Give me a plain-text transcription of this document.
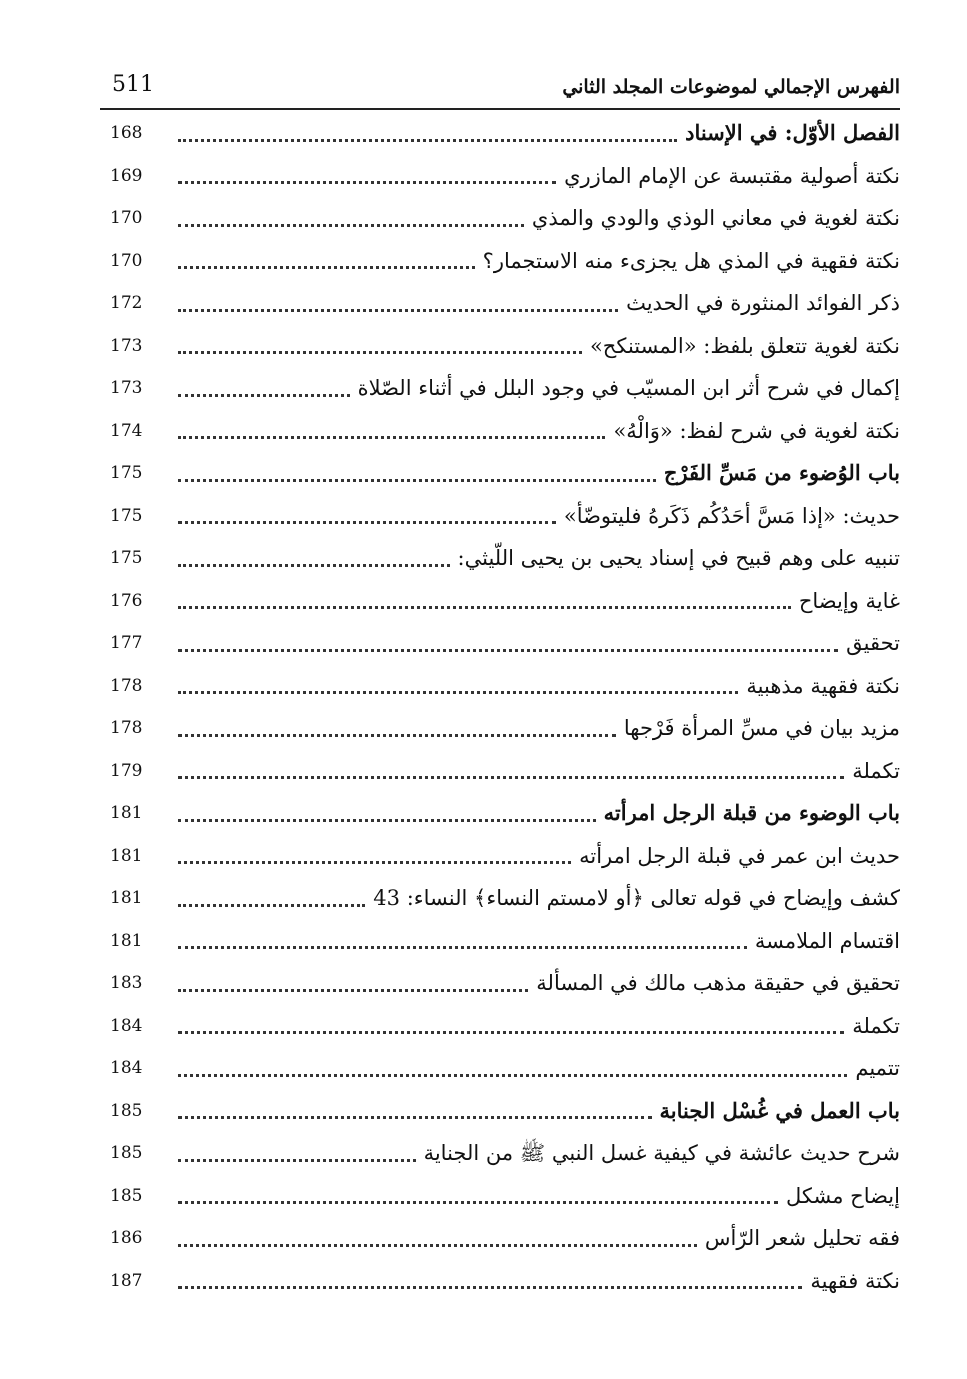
الفهرس الإجمالي لموضوعات المجلد الثاني
511
الفصل الأوّل: في الإسناد
168
نكتة أصولية مقتبسة عن الإمام المازري
169
نكتة لغوية في معاني الوذي والودي والمذي
170
نكتة فقهية في المذي هل يجزىء منه الاستجمار؟
170
ذكر الفوائد المنثورة في الحديث
172
نكتة لغوية تتعلق بلفظ: «المستنكح»
173
إكمال في شرح أثر ابن المسيّب في وجود البلل في أثناء الصّلاة
173
نكتة لغوية في شرح لفظ: «وَالْهُ»
174
باب الوُضوء من مَسِّ الفَرْج
175
حديث: «إذا مَسَّ أحَدُكُم ذَكَرهُ فليتوضّأ»
175
تنبيه على وهم قبيح في إسناد يحيى بن يحيى اللّيثي:
175
غاية وإيضاح
176
تحقيق
177
نكتة فقهية مذهبية
178
مزيد بيان في مسِّ المرأة فَرْجها
178
تكملة
179
باب الوضوء من قبلة الرجل امرأته
181
حديث ابن عمر في قبلة الرجل امرأته
181
كشف وإيضاح في قوله تعالى ﴿أو لامستم النساء﴾ النساء: 43
181
اقتسام الملامسة
181
تحقيق في حقيقة مذهب مالك في المسألة
183
تكملة
184
تتميم
184
باب العمل في غُسْل الجنابة
185
شرح حديث عائشة في كيفية غسل النبي ﷺ من الجناية
185
إيضاح مشكل
185
فقه تحليل شعر الرّأس
186
نكتة فقهية
187
